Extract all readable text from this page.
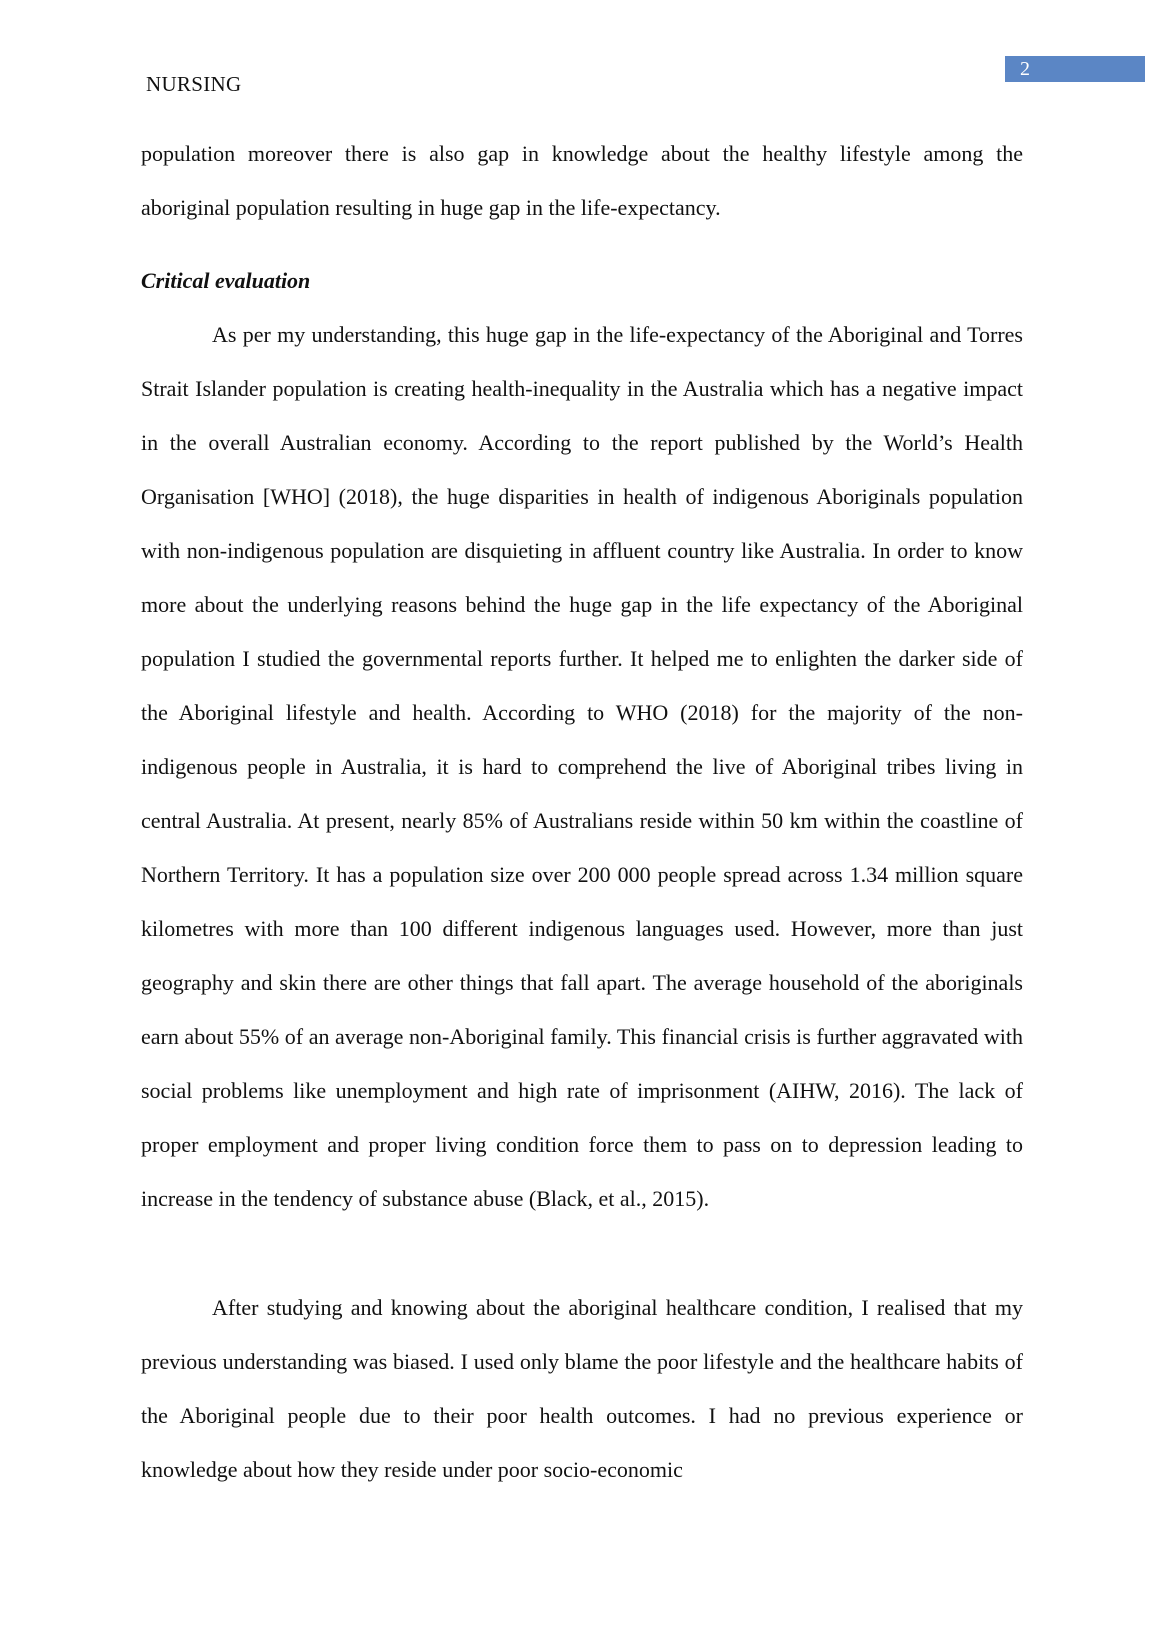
2
NURSING

population moreover there is also gap in knowledge about the healthy lifestyle among the aboriginal population resulting in huge gap in the life-expectancy.

Critical evaluation

As per my understanding, this huge gap in the life-expectancy of the Aboriginal and Torres Strait Islander population is creating health-inequality in the Australia which has a negative impact in the overall Australian economy. According to the report published by the World’s Health Organisation [WHO] (2018), the huge disparities in health of indigenous Aboriginals population with non-indigenous population are disquieting in affluent country like Australia. In order to know more about the underlying reasons behind the huge gap in the life expectancy of the Aboriginal population I studied the governmental reports further. It helped me to enlighten the darker side of the Aboriginal lifestyle and health. According to WHO (2018) for the majority of the non-indigenous people in Australia, it is hard to comprehend the live of Aboriginal tribes living in central Australia. At present, nearly 85% of Australians reside within 50 km within the coastline of Northern Territory. It has a population size over 200 000 people spread across 1.34 million square kilometres with more than 100 different indigenous languages used. However, more than just geography and skin there are other things that fall apart. The average household of the aboriginals earn about 55% of an average non-Aboriginal family. This financial crisis is further aggravated with social problems like unemployment and high rate of imprisonment (AIHW, 2016). The lack of proper employment and proper living condition force them to pass on to depression leading to increase in the tendency of substance abuse (Black, et al., 2015).

After studying and knowing about the aboriginal healthcare condition, I realised that my previous understanding was biased. I used only blame the poor lifestyle and the healthcare habits of the Aboriginal people due to their poor health outcomes. I had no previous experience or knowledge about how they reside under poor socio-economic
